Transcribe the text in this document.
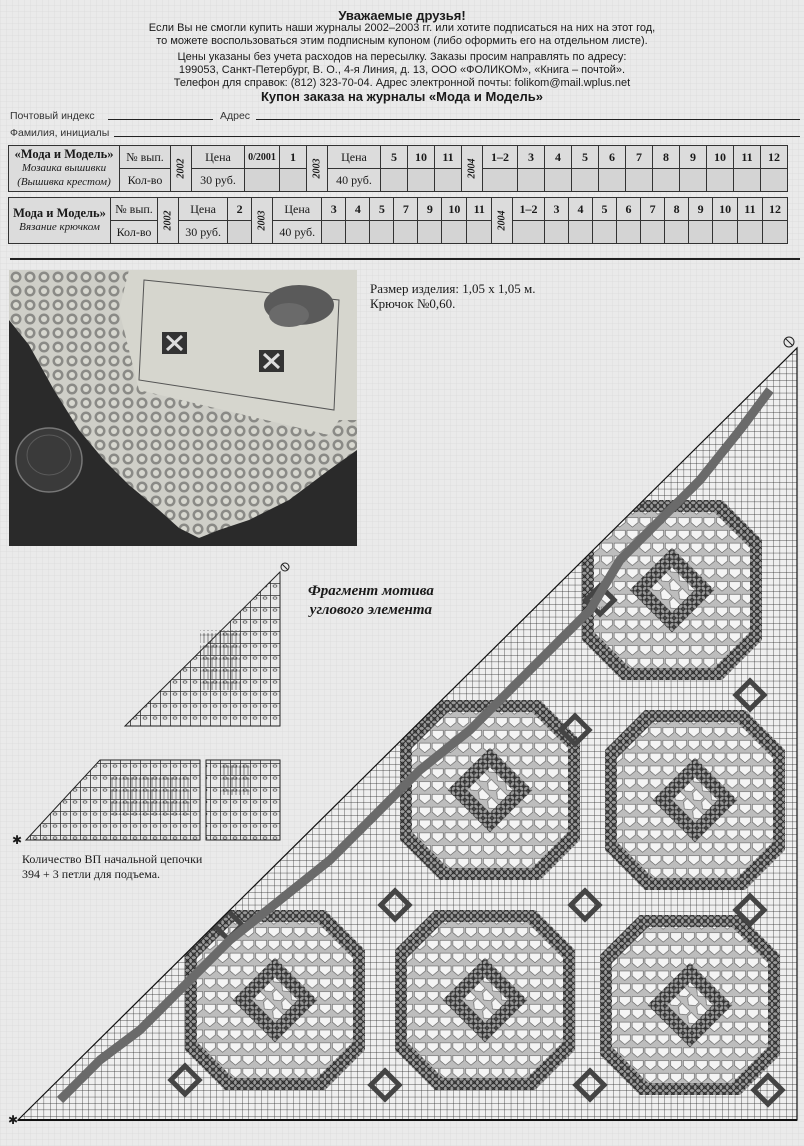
Уважаемые друзья!
Если Вы не смогли купить наши журналы 2002–2003 гг. или хотите подписаться на них на этот год,
то можете воспользоваться этим подписным купоном (либо оформить его на отдельном листе).
Цены указаны без учета расходов на пересылку. Заказы просим направлять по адресу:
199053, Санкт-Петербург, В. О., 4-я Линия, д. 13, ООО «ФОЛИКОМ», «Книга – почтой».
Телефон для справок: (812) 323-70-04. Адрес электронной почты: folikom@mail.wplus.net
Купон заказа на журналы «Мода и Модель»
Почтовый индекс	Адрес
Фамилия, инициалы
«Мода и Модель»
Мозаика вышивки
(Вышивка крестом)	№ вып.	2002	Цена	0/2001	1	2003	Цена	5	10	11	2004	1–2	3	4	5	6	7	8	9	10	11	12
	Кол-во		30 руб.				40 руб.															
Мода и Модель»
Вязание крючком	№ вып.	2002	Цена	2	2003	Цена	3	4	5	7	9	10	11	2004	1–2	3	4	5	6	7	8	9	10	11	12
	Кол-во		30 руб.			40 руб.																			
Размер изделия: 1,05 x 1,05 м.
Крючок №0,60.
Фрагмент мотива
углового элемента
✱
Количество ВП начальной цепочки
394 + 3 петли для подъема.
✱
